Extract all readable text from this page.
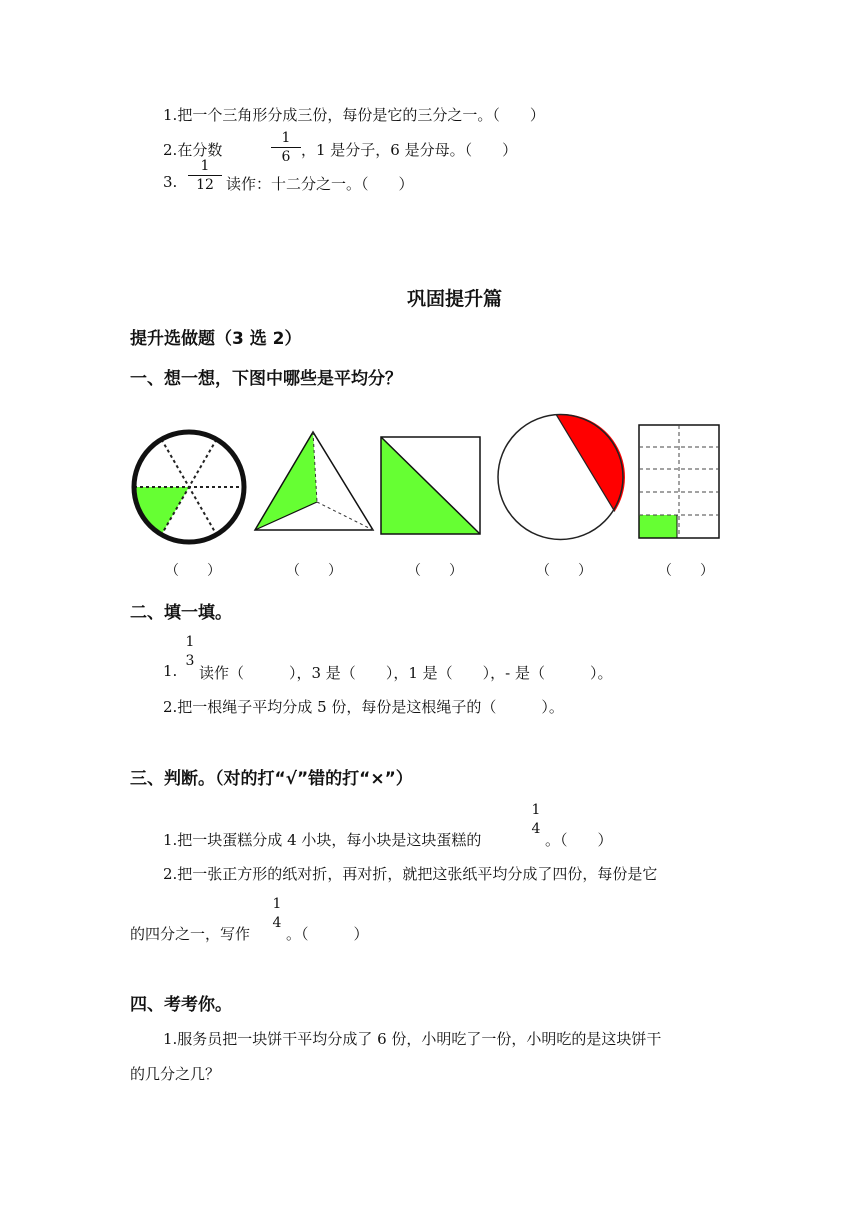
1.把一个三角形分成三份，每份是它的三分之一。（　　）
2.在分数
1
6 ，1 是分子，6 是分母。（　　）
3.
1
12 读作：十二分之一。（　　）
巩固提升篇
提升选做题（3 选 2）
一、想一想，下图中哪些是平均分？
（　　）	（　　）	（　　）	（　　）	（　　）
二、填一填。
1.
1
3
读作（　　　），3 是（　　），1 是（　　），- 是（　　　）。
2.把一根绳子平均分成 5 份，每份是这根绳子的（　　　）。
三、判断。（对的打“√”错的打“×”）
1.把一块蛋糕分成 4 小块，每小块是这块蛋糕的
1
4
。（　　）
2.把一张正方形的纸对折，再对折，就把这张纸平均分成了四份，每份是它
的四分之一，写作
1
4
。（　　　）
四、考考你。
1.服务员把一块饼干平均分成了 6 份，小明吃了一份，小明吃的是这块饼干
的几分之几？
